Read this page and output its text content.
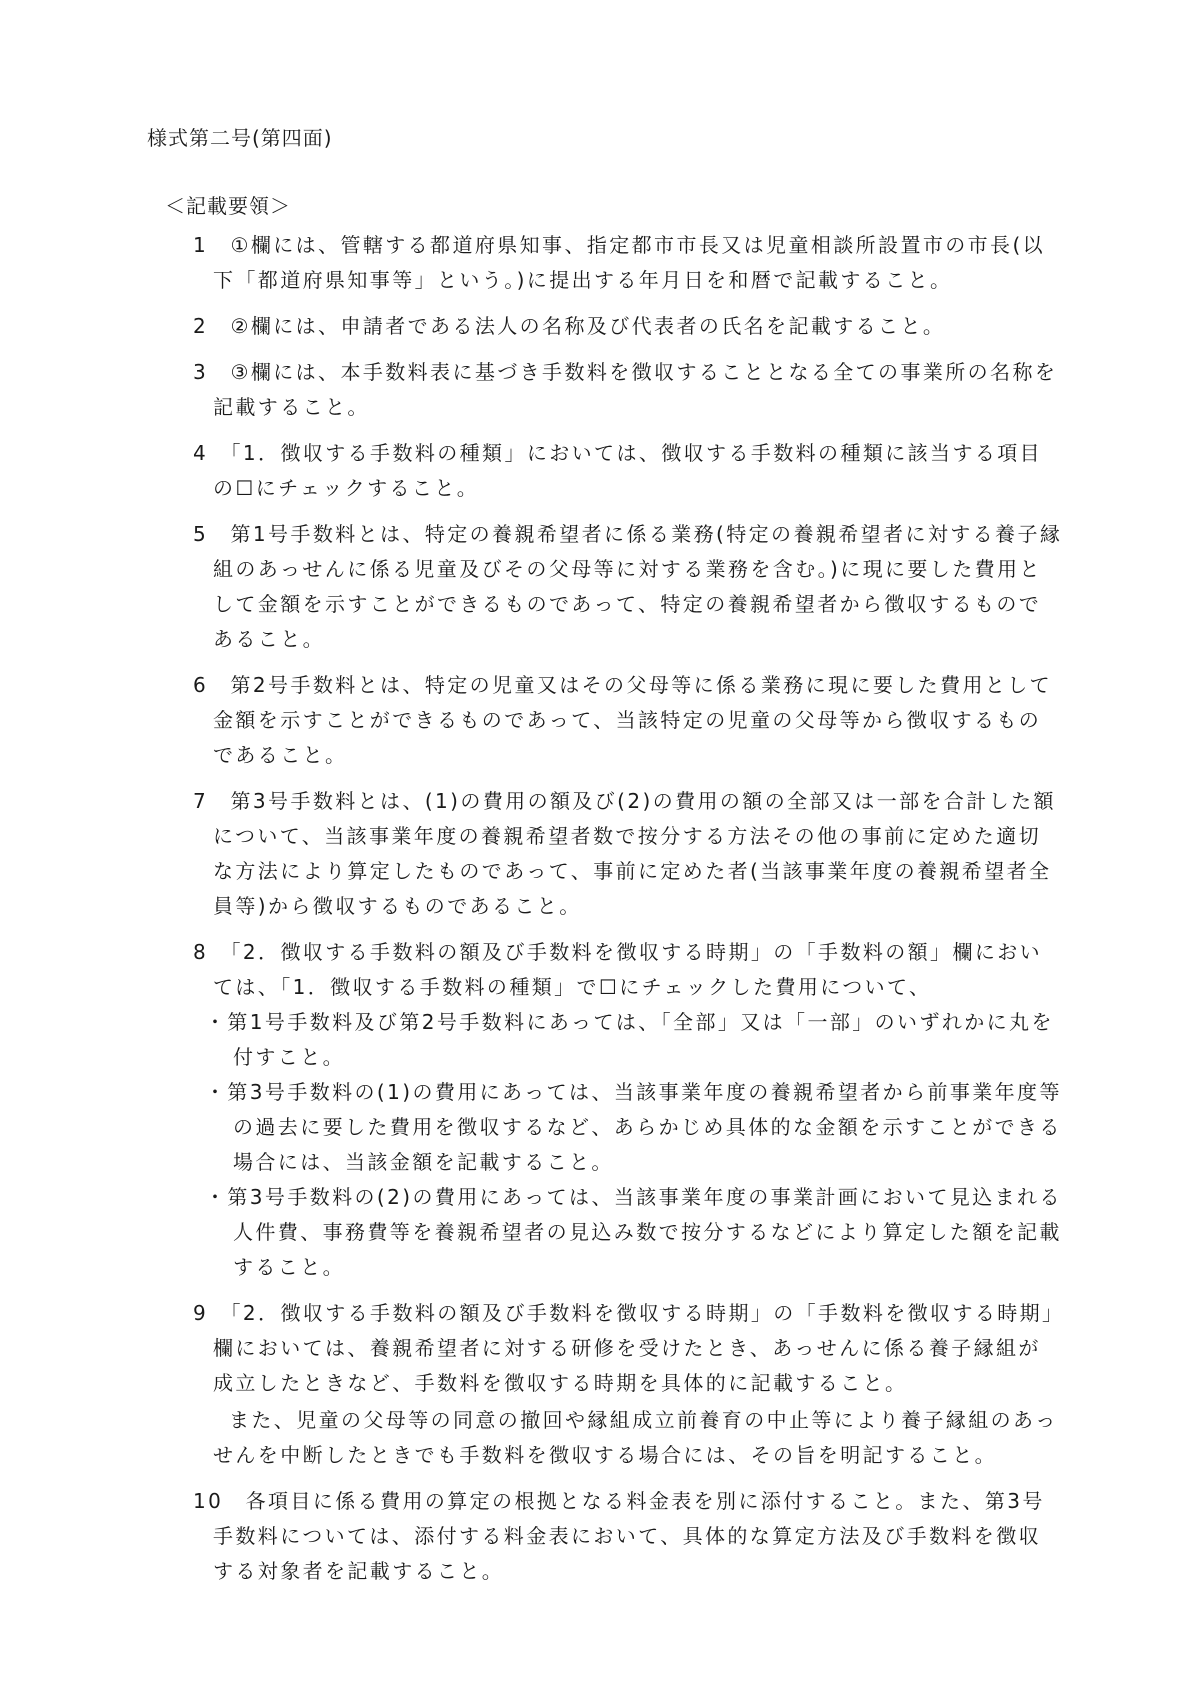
様式第二号(第四面)
＜記載要領＞
1　①欄には、管轄する都道府県知事、指定都市市長又は児童相談所設置市の市長(以下「都道府県知事等」という。)に提出する年月日を和暦で記載すること。
2　②欄には、申請者である法人の名称及び代表者の氏名を記載すること。
3　③欄には、本手数料表に基づき手数料を徴収することとなる全ての事業所の名称を記載すること。
4　「1．徴収する手数料の種類」においては、徴収する手数料の種類に該当する項目の☐にチェックすること。
5　第1号手数料とは、特定の養親希望者に係る業務(特定の養親希望者に対する養子縁組のあっせんに係る児童及びその父母等に対する業務を含む。)に現に要した費用として金額を示すことができるものであって、特定の養親希望者から徴収するものであること。
6　第2号手数料とは、特定の児童又はその父母等に係る業務に現に要した費用として金額を示すことができるものであって、当該特定の児童の父母等から徴収するものであること。
7　第3号手数料とは、(1)の費用の額及び(2)の費用の額の全部又は一部を合計した額について、当該事業年度の養親希望者数で按分する方法その他の事前に定めた適切な方法により算定したものであって、事前に定めた者(当該事業年度の養親希望者全員等)から徴収するものであること。
8　「2．徴収する手数料の額及び手数料を徴収する時期」の「手数料の額」欄においては、「1．徴収する手数料の種類」で☐にチェックした費用について、
・第1号手数料及び第2号手数料にあっては、「全部」又は「一部」のいずれかに丸を付すこと。
・第3号手数料の(1)の費用にあっては、当該事業年度の養親希望者から前事業年度等の過去に要した費用を徴収するなど、あらかじめ具体的な金額を示すことができる場合には、当該金額を記載すること。
・第3号手数料の(2)の費用にあっては、当該事業年度の事業計画において見込まれる人件費、事務費等を養親希望者の見込み数で按分するなどにより算定した額を記載すること。
9　「2．徴収する手数料の額及び手数料を徴収する時期」の「手数料を徴収する時期」欄においては、養親希望者に対する研修を受けたとき、あっせんに係る養子縁組が成立したときなど、手数料を徴収する時期を具体的に記載すること。
また、児童の父母等の同意の撤回や縁組成立前養育の中止等により養子縁組のあっせんを中断したときでも手数料を徴収する場合には、その旨を明記すること。
10　各項目に係る費用の算定の根拠となる料金表を別に添付すること。また、第3号手数料については、添付する料金表において、具体的な算定方法及び手数料を徴収する対象者を記載すること。
